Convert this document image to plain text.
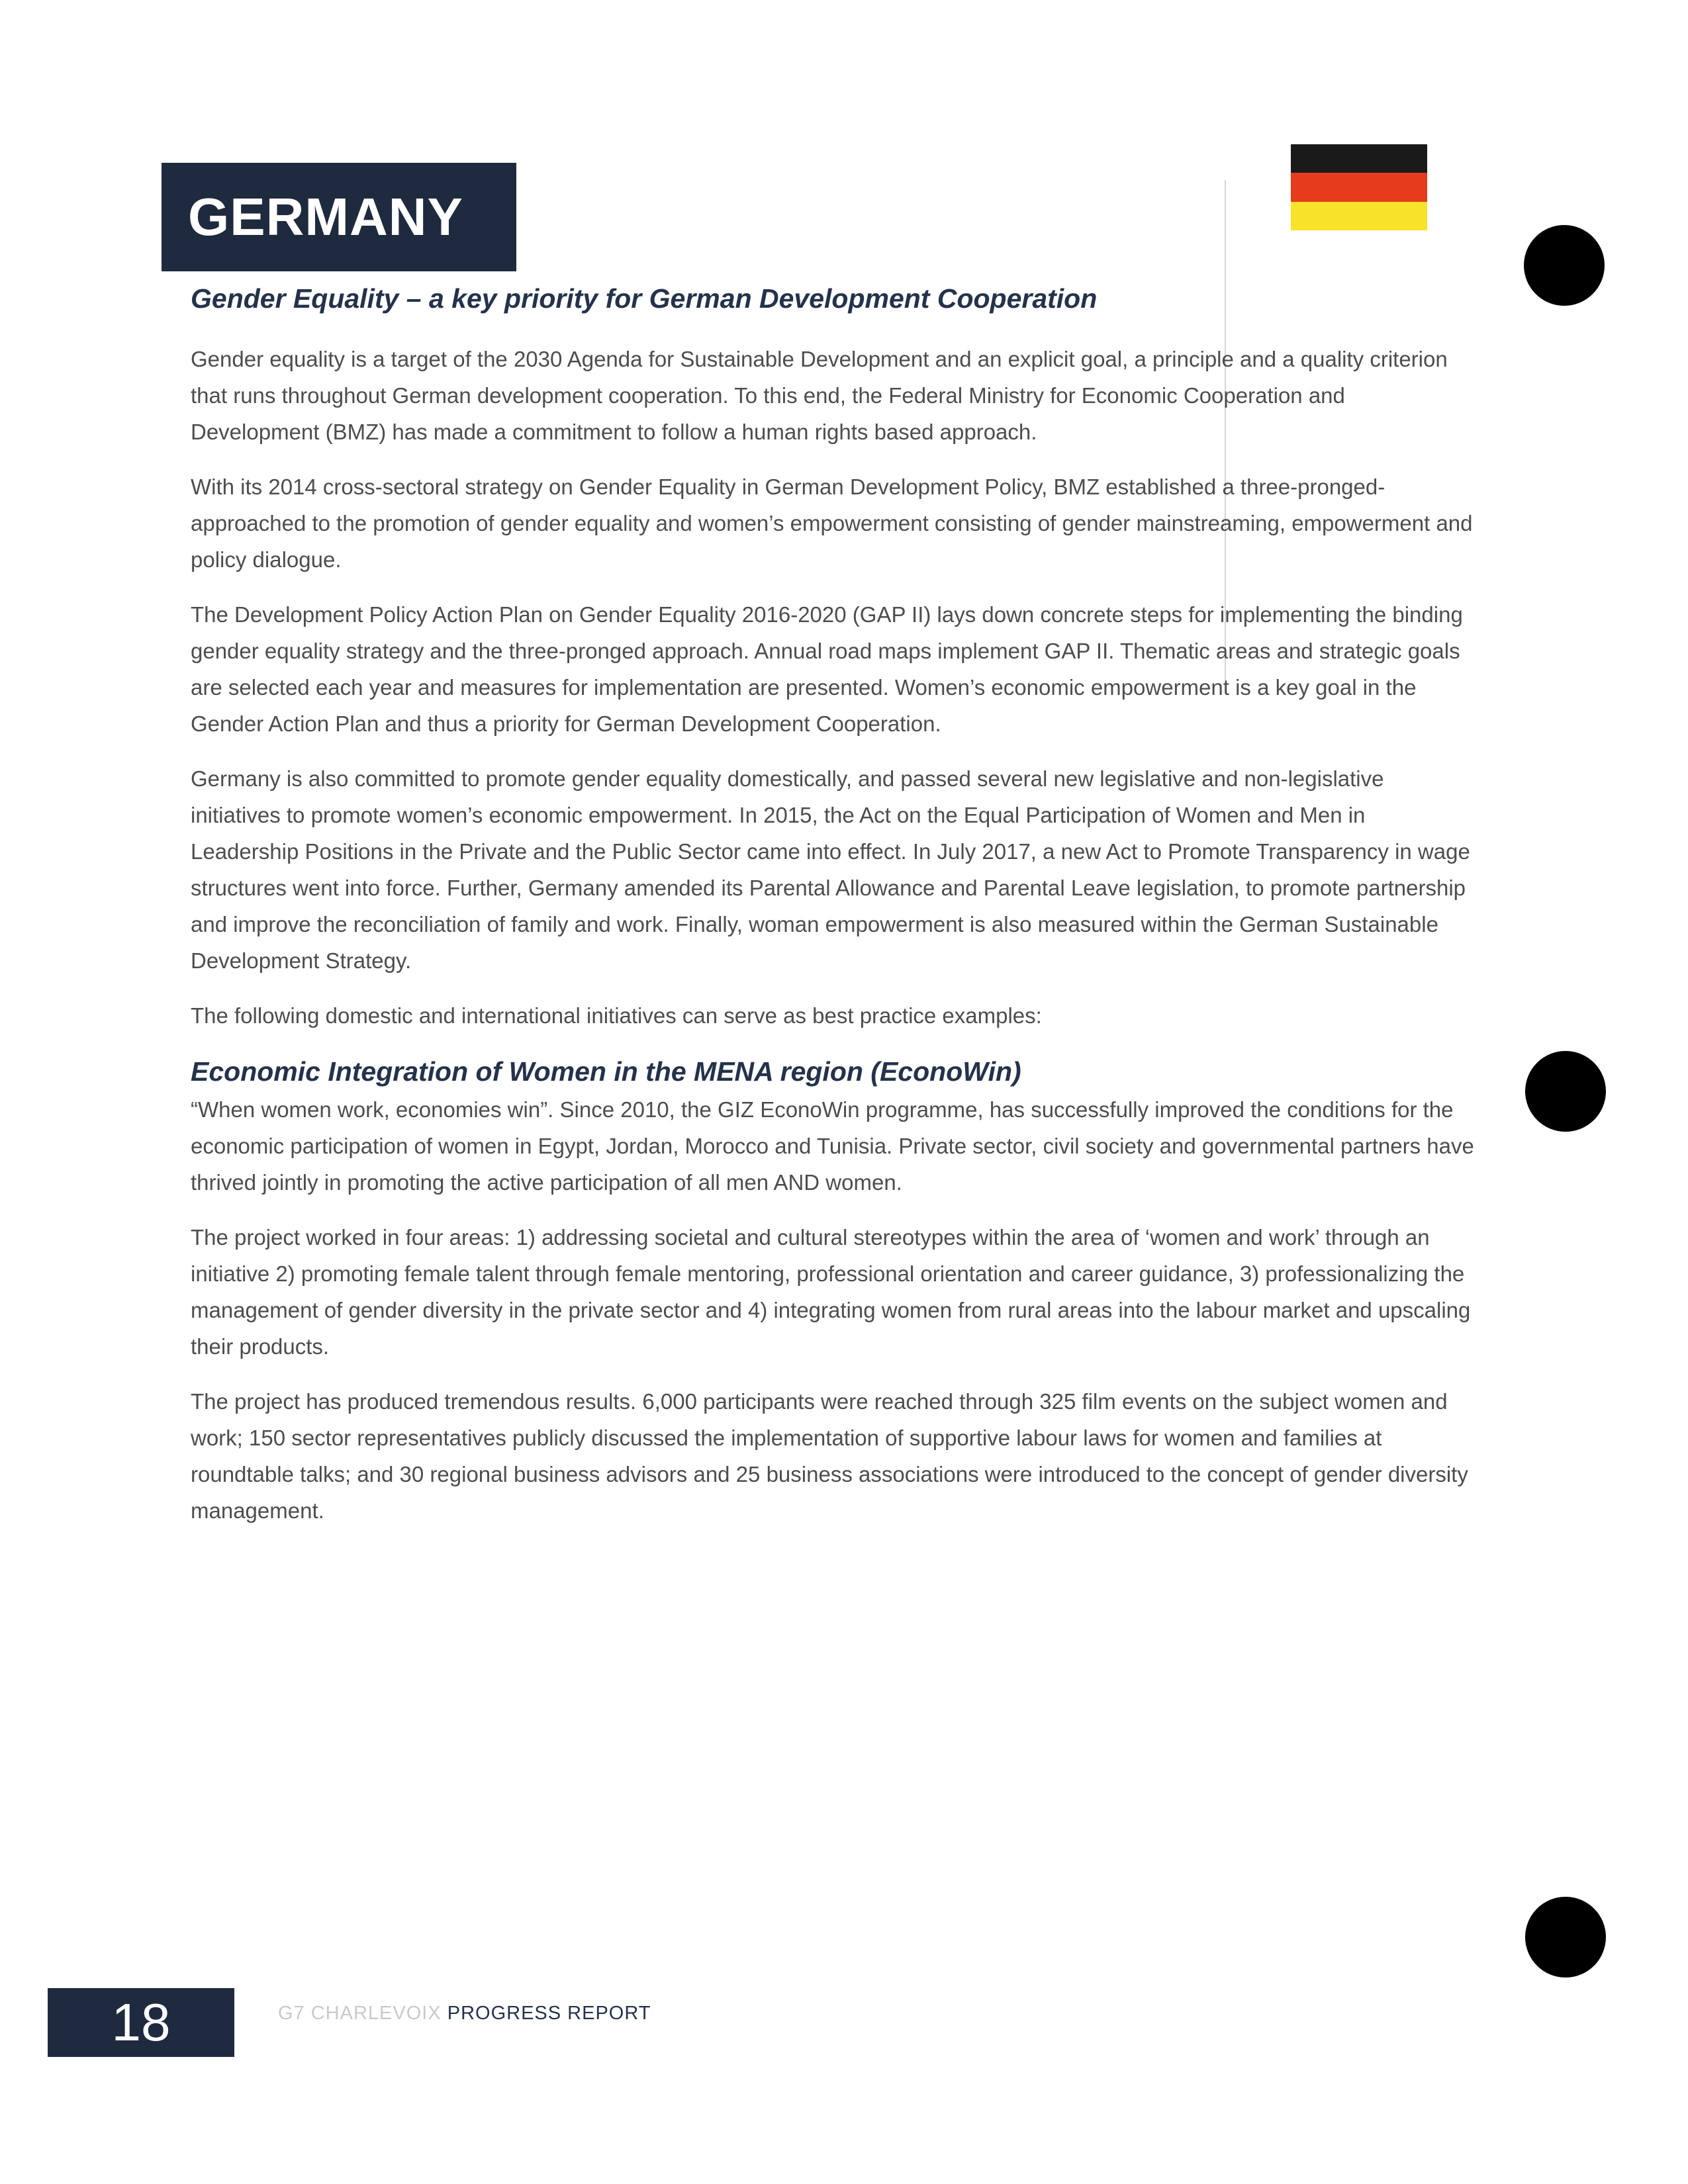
GERMANY

Gender Equality – a key priority for German Development Cooperation

Gender equality is a target of the 2030 Agenda for Sustainable Development and an explicit goal, a principle and a quality criterion that runs throughout German development cooperation. To this end, the Federal Ministry for Economic Cooperation and Development (BMZ) has made a commitment to follow a human rights based approach.

With its 2014 cross-sectoral strategy on Gender Equality in German Development Policy, BMZ established a three-pronged-approached to the promotion of gender equality and women’s empowerment consisting of gender mainstreaming, empowerment and policy dialogue.

The Development Policy Action Plan on Gender Equality 2016-2020 (GAP II) lays down concrete steps for implementing the binding gender equality strategy and the three-pronged approach. Annual road maps implement GAP II. Thematic areas and strategic goals are selected each year and measures for implementation are presented. Women’s economic empowerment is a key goal in the Gender Action Plan and thus a priority for German Development Cooperation.

Germany is also committed to promote gender equality domestically, and passed several new legislative and non-legislative initiatives to promote women’s economic empowerment. In 2015, the Act on the Equal Participation of Women and Men in Leadership Positions in the Private and the Public Sector came into effect. In July 2017, a new Act to Promote Transparency in wage structures went into force. Further, Germany amended its Parental Allowance and Parental Leave legislation, to promote partnership and improve the reconciliation of family and work. Finally, woman empowerment is also measured within the German Sustainable Development Strategy.

The following domestic and international initiatives can serve as best practice examples:

Economic Integration of Women in the MENA region (EconoWin)

“When women work, economies win”. Since 2010, the GIZ EconoWin programme, has successfully improved the conditions for the economic participation of women in Egypt, Jordan, Morocco and Tunisia. Private sector, civil society and governmental partners have thrived jointly in promoting the active participation of all men AND women.

The project worked in four areas: 1) addressing societal and cultural stereotypes within the area of ‘women and work’ through an initiative 2) promoting female talent through female mentoring, professional orientation and career guidance, 3) professionalizing the management of gender diversity in the private sector and 4) integrating women from rural areas into the labour market and upscaling their products.

The project has produced tremendous results. 6,000 participants were reached through 325 film events on the subject women and work; 150 sector representatives publicly discussed the implementation of supportive labour laws for women and families at roundtable talks; and 30 regional business advisors and 25 business associations were introduced to the concept of gender diversity management.

18	G7 CHARLEVOIX PROGRESS REPORT
